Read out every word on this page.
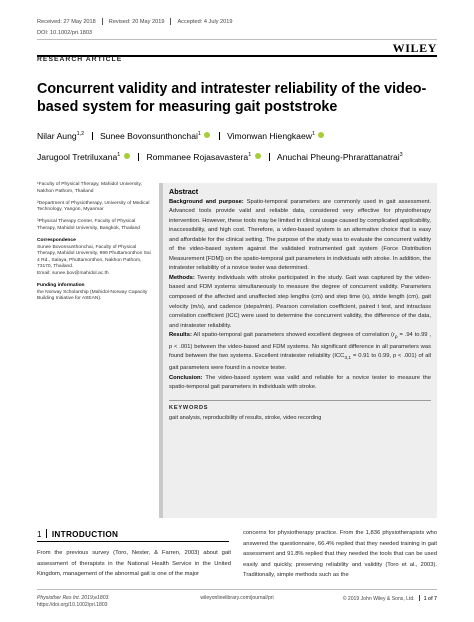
Received: 27 May 2018 Revised: 20 May 2019 Accepted: 4 July 2019
DOI: 10.1002/pri.1803
WILEY
RESEARCH ARTICLE
Concurrent validity and intratester reliability of the video-based system for measuring gait poststroke
Nilar Aung$^{1,2}$ Sunee Bovonsunthonchai$^1$	Vimonwan Hiengkaew$^1$
Jarugool Tretriluxana$^1$	Rommanee Rojasavastera$^1$	Anuchai Pheung-Phrarattanatrai$^3$

¹Faculty of Physical Therapy, Mahidol University, Nakhon Pathom, Thailand

²Department of Physiotherapy, University of Medical Technology, Yangon, Myanmar

³Physical Therapy Center, Faculty of Physical Therapy, Mahidol University, Bangkok, Thailand

Correspondence

Sunee Bovonsunthonchai, Faculty of Physical Therapy, Mahidol University, 999 Phuttamonthon Sai 4 Rd., Salaya, Phuttamonthon, Nakhon Pathom, 73170, Thailand.

Email: sunee.bov@mahidol.ac.th

Funding information

the Norway Scholarship (Mahidol-Norway Capacity Building Initiative for ASEAN).

Abstract

Background and purpose: Spatio-temporal parameters are commonly used in gait assessment. Advanced tools provide valid and reliable data, considered very effective for physiotherapy intervention. However, these tools may be limited in clinical usage caused by complicated applicability, inaccessibility, and high cost. Therefore, a video-based system is an alternative choice that is easy and affordable for the clinical setting. The purpose of the study was to evaluate the concurrent validity of the video-based system against the validated instrumented gait system (Force Distribution Measurement [FDM]) on the spatio-temporal gait parameters in individuals with stroke. In addition, the intratester reliability of a novice tester was determined.

Methods: Twenty individuals with stroke participated in the study. Gait was captured by the video-based and FDM systems simultaneously to measure the degree of concurrent validity. Parameters composed of the affected and unaffected step lengths (cm) and step time (s), stride length (cm), gait velocity (m/s), and cadence (steps/min). Pearson correlation coefficient, paired t test, and intraclass correlation coefficient (ICC) were used to determine the concurrent validity, the difference of the data, and intratester reliability.

Results: All spatio-temporal gait parameters showed excellent degrees of correlation ($r_p = .94$ to.99 , p < .001) between the video-based and FDM systems. No significant difference in all parameters was found between the two systems. Excellent intratester reliability ($ICC_{3,1} = 0.91$ to 0.99, p < .001) of all gait parameters were found in a novice tester.

Conclusion: The video-based system was valid and reliable for a novice tester to measure the spatio-temporal gait parameters in individuals with stroke.

KEYWORDS
gait analysis, reproducibility of results, stroke, video recording
1 INTRODUCTION
From the previous survey (Toro, Nester, & Farren, 2003) about gait assessment of therapists in the National Health Service in the United Kingdom, management of the abnormal gait is one of the major
concerns for physiotherapy practice. From the 1,836 physiotherapists who answered the questionnaire, 66.4% replied that they needed training in gait assessment and 91.8% replied that they needed the tools that can be used easily and quickly, preserving reliability and validity (Toro et al., 2003). Traditionally, simple methods such as the
Physiother Res Int. 2019;e1803.
https://doi.org/10.1002/pri.1803
wileyonlinelibrary.com/journal/pri	© 2019 John Wiley & Sons, Ltd. 1 of 7
